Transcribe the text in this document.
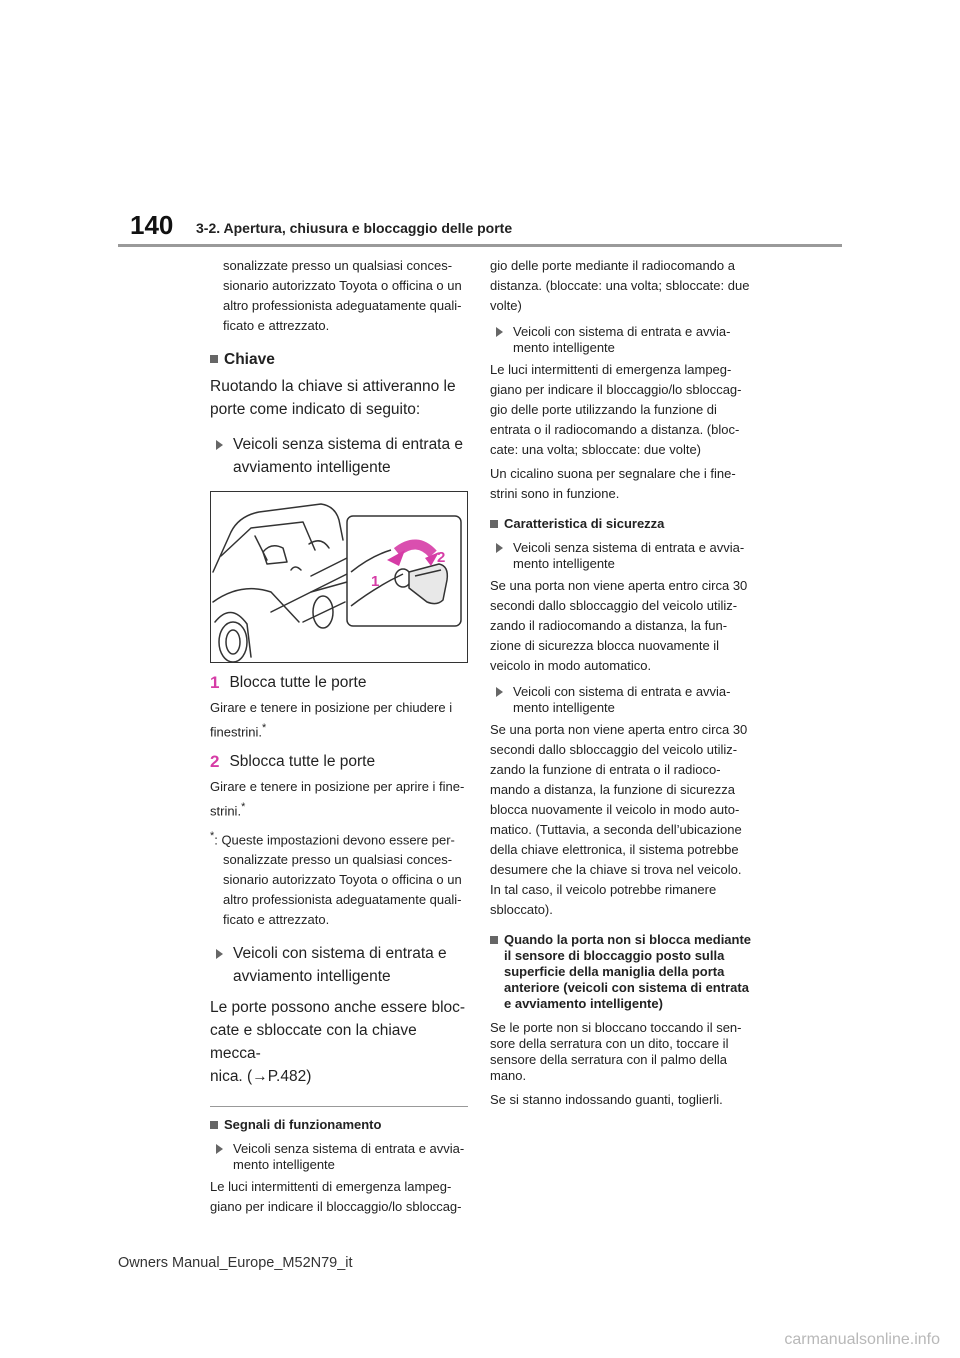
140 3-2. Apertura, chiusura e bloccaggio delle porte

sonalizzate presso un qualsiasi conces-

sionario autorizzato Toyota o officina o un

altro professionista adeguatamente quali-

ficato e attrezzato.

Chiave

Ruotando la chiave si attiveranno le

porte come indicato di seguito:

Veicoli senza sistema di entrata e

avviamento intelligente

1
2
1 Blocca tutte le porte

Girare e tenere in posizione per chiudere i

finestrini.*

2 Sblocca tutte le porte

Girare e tenere in posizione per aprire i fine-

strini.*

*: Queste impostazioni devono essere per-

sonalizzate presso un qualsiasi conces-

sionario autorizzato Toyota o officina o un

altro professionista adeguatamente quali-

ficato e attrezzato.

Veicoli con sistema di entrata e

avviamento intelligente

Le porte possono anche essere bloc-

cate e sbloccate con la chiave mecca-

nica. (→P.482)

Segnali di funzionamento

Veicoli senza sistema di entrata e avvia-

mento intelligente

Le luci intermittenti di emergenza lampeg-

giano per indicare il bloccaggio/lo sbloccag-

gio delle porte mediante il radiocomando a

distanza. (bloccate: una volta; sbloccate: due

volte)

Veicoli con sistema di entrata e avvia-

mento intelligente

Le luci intermittenti di emergenza lampeg-

giano per indicare il bloccaggio/lo sbloccag-

gio delle porte utilizzando la funzione di

entrata o il radiocomando a distanza. (bloc-

cate: una volta; sbloccate: due volte)

Un cicalino suona per segnalare che i fine-

strini sono in funzione.

Caratteristica di sicurezza

Veicoli senza sistema di entrata e avvia-

mento intelligente

Se una porta non viene aperta entro circa 30

secondi dallo sbloccaggio del veicolo utiliz-

zando il radiocomando a distanza, la fun-

zione di sicurezza blocca nuovamente il

veicolo in modo automatico.

Veicoli con sistema di entrata e avvia-

mento intelligente

Se una porta non viene aperta entro circa 30

secondi dallo sbloccaggio del veicolo utiliz-

zando la funzione di entrata o il radioco-

mando a distanza, la funzione di sicurezza

blocca nuovamente il veicolo in modo auto-

matico. (Tuttavia, a seconda dell’ubicazione

della chiave elettronica, il sistema potrebbe

desumere che la chiave si trova nel veicolo.

In tal caso, il veicolo potrebbe rimanere

sbloccato).

Quando la porta non si blocca mediante

il sensore di bloccaggio posto sulla

superficie della maniglia della porta

anteriore (veicoli con sistema di entrata

e avviamento intelligente)

Se le porte non si bloccano toccando il sen-

sore della serratura con un dito, toccare il

sensore della serratura con il palmo della

mano.

Se si stanno indossando guanti, toglierli.

Owners Manual_Europe_M52N79_it
carmanualsonline.info
